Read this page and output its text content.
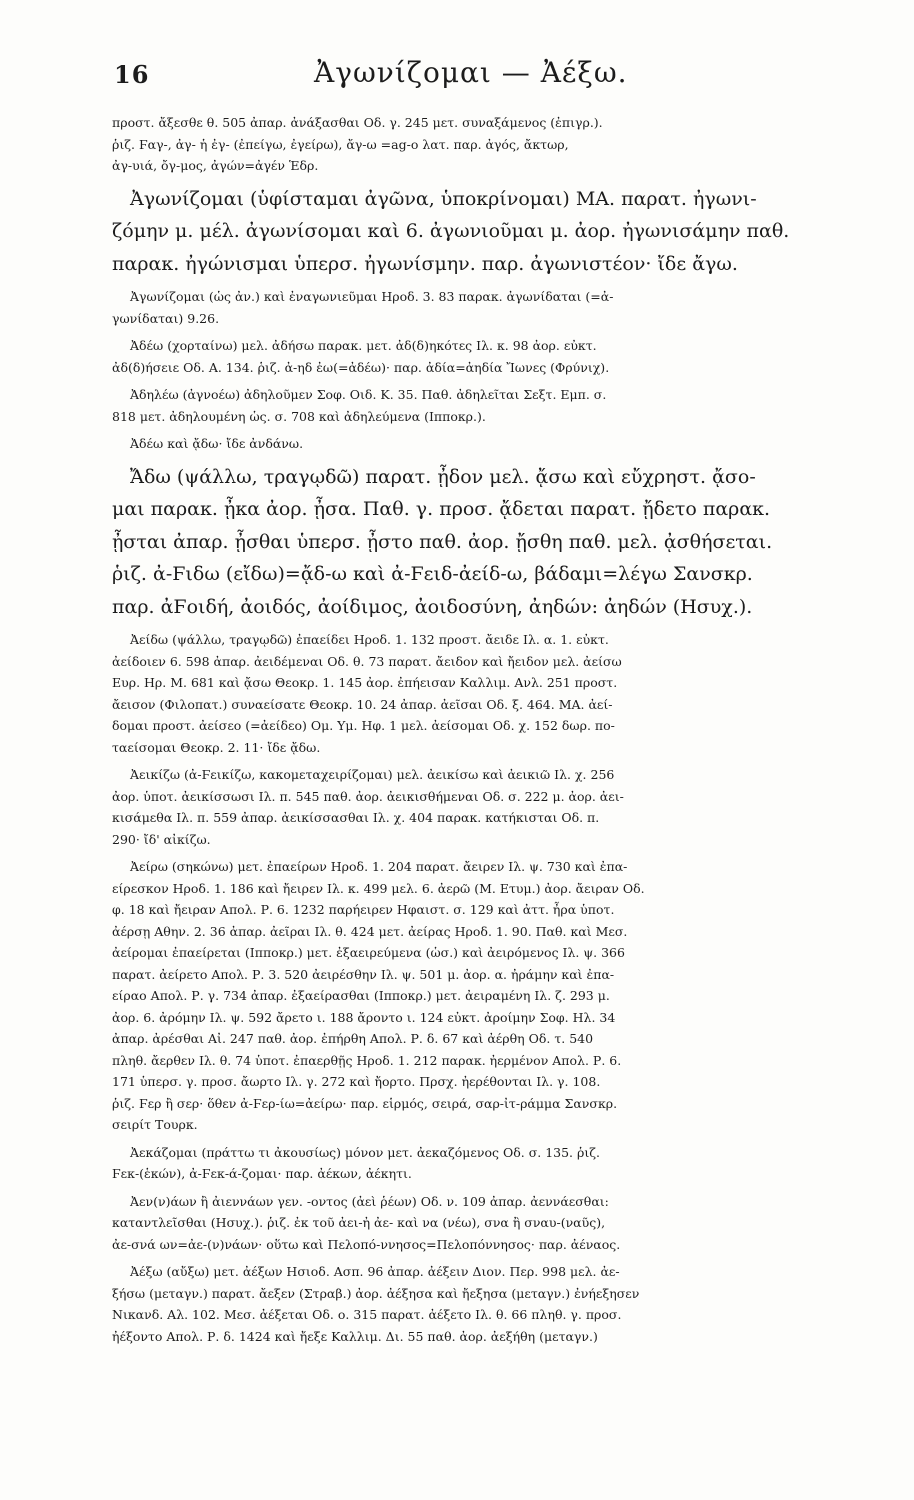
16	Ἀγωνίζομαι — Ἀέξω.
προστ. ἄξεσθε θ. 505 ἀπαρ. ἀνάξασθαι Οδ. γ. 245 μετ. συναξάμενος (ἐπιγρ.).
ῥιζ. Ϝαγ-, ἀγ- ἡ ἐγ- (ἐπείγω, ἐγείρω), ἄγ-ω =ag-o λατ. παρ. ἀγός, ἄκτωρ,
ἀγ-υιά, ὄγ-μος, ἀγών=ἀγέν Ἑδρ.
Ἀγωνίζομαι (ὑφίσταμαι ἀγῶνα, ὑποκρίνομαι) ΜΑ. παρατ. ἠγωνι-
ζόμην μ. μέλ. ἀγωνίσομαι καὶ 6. ἀγωνιοῦμαι μ. ἀορ. ἠγωνισάμην παθ.
παρακ. ἠγώνισμαι ὑπερσ. ἠγωνίσμην. παρ. ἀγωνιστέον· ἴδε ἄγω.
Ἀγωνίζομαι (ὡς ἀν.) καὶ ἐναγωνιεῦμαι Ηροδ. 3. 83 παρακ. ἀγωνίδαται (=ἀ-
γωνίδαται) 9.26.
Ἀδέω (χορταίνω) μελ. ἀδήσω παρακ. μετ. ἀδ(δ)ηκότες Ιλ. κ. 98 ἀορ. εὐκτ.
ἀδ(δ)ήσειε Οδ. Α. 134. ῥιζ. ἀ-ηδ ἐω(=ἀδέω)· παρ. ἀδία=ἀηδία Ἴωνες (Φρύνιχ).
Ἀδηλέω (ἀγνοέω) ἀδηλοῦμεν Σοφ. Οιδ. Κ. 35. Παθ. ἀδηλεῖται Σεξτ. Εμπ. σ.
818 μετ. ἀδηλουμένη ὡς. σ. 708 καὶ ἀδηλεύμενα (Ιπποκρ.).
Ἀδέω καὶ ᾄδω· ἴδε ἀνδάνω.
Ἄδω (ψάλλω, τραγῳδῶ) παρατ. ᾖδον μελ. ᾄσω καὶ εὔχρηστ. ᾄσο-
μαι παρακ. ᾖκα ἀορ. ᾖσα. Παθ. γ. προσ. ᾄδεται παρατ. ᾔδετο παρακ.
ᾖσται ἀπαρ. ᾖσθαι ὑπερσ. ᾖστο παθ. ἀορ. ᾔσθη παθ. μελ. ᾀσθήσεται.
ῥιζ. ἀ-Ϝιδω (εἴδω)=ᾄδ-ω καὶ ἀ-Ϝειδ-ἀείδ-ω, βάδαμι=λέγω Σανσκρ.
παρ. ἀϜοιδή, ἀοιδός, ἀοίδιμος, ἀοιδοσύνη, ἀηδών: ἀηδών (Ησυχ.).
Ἀείδω (ψάλλω, τραγῳδῶ) ἐπαείδει Ηροδ. 1. 132 προστ. ἄειδε Ιλ. α. 1. εὐκτ.
ἀείδοιεν 6. 598 ἀπαρ. ἀειδέμεναι Οδ. θ. 73 παρατ. ἄειδον καὶ ἤειδον μελ. ἀείσω
Ευρ. Ηρ. Μ. 681 καὶ ᾄσω Θεοκρ. 1. 145 ἀορ. ἐπήεισαν Καλλιμ. Ανλ. 251 προστ.
ἄεισον (Φιλοπατ.) συναείσατε Θεοκρ. 10. 24 ἀπαρ. ἀεῖσαι Οδ. ξ. 464. ΜΑ. ἀεί-
δομαι προστ. ἀείσεο (=ἀείδεο) Ομ. Υμ. Ηφ. 1 μελ. ἀείσομαι Οδ. χ. 152 δωρ. πο-
ταείσομαι Θεοκρ. 2. 11· ἴδε ᾄδω.
Ἀεικίζω (ἀ-Ϝεικίζω, κακομεταχειρίζομαι) μελ. ἀεικίσω καὶ ἀεικιῶ Ιλ. χ. 256
ἀορ. ὑποτ. ἀεικίσσωσι Ιλ. π. 545 παθ. ἀορ. ἀεικισθήμεναι Οδ. σ. 222 μ. ἀορ. ἀει-
κισάμεθα Ιλ. π. 559 ἀπαρ. ἀεικίσσασθαι Ιλ. χ. 404 παρακ. κατήκισται Οδ. π.
290· ἴδ' αἰκίζω.
Ἀείρω (σηκώνω) μετ. ἐπαείρων Ηροδ. 1. 204 παρατ. ἄειρεν Ιλ. ψ. 730 καὶ ἐπα-
είρεσκον Ηροδ. 1. 186 καὶ ἤειρεν Ιλ. κ. 499 μελ. 6. ἀερῶ (Μ. Ετυμ.) ἀορ. ἄειραν Οδ.
φ. 18 καὶ ἤειραν Απολ. Ρ. 6. 1232 παρήειρεν Ηφαιστ. σ. 129 καὶ ἀττ. ἦρα ὑποτ.
ἀέρσῃ Αθην. 2. 36 ἀπαρ. ἀεῖραι Ιλ. θ. 424 μετ. ἀείρας Ηροδ. 1. 90. Παθ. καὶ Μεσ.
ἀείρομαι ἐπαείρεται (Ιπποκρ.) μετ. ἐξαειρεύμενα (ὡσ.) καὶ ἀειρόμενος Ιλ. ψ. 366
παρατ. ἀείρετο Απολ. Ρ. 3. 520 ἀειρέσθην Ιλ. ψ. 501 μ. ἀορ. α. ἠράμην καὶ ἐπα-
είραο Απολ. Ρ. γ. 734 ἀπαρ. ἐξαείρασθαι (Ιπποκρ.) μετ. ἀειραμένη Ιλ. ζ. 293 μ.
ἀορ. 6. ἀρόμην Ιλ. ψ. 592 ἄρετο ι. 188 ἄροντο ι. 124 εὐκτ. ἀροίμην Σοφ. Ηλ. 34
ἀπαρ. ἀρέσθαι Αἰ. 247 παθ. ἀορ. ἐπήρθη Απολ. Ρ. δ. 67 καὶ ἀέρθη Οδ. τ. 540
πληθ. ἄερθεν Ιλ. θ. 74 ὑποτ. ἐπαερθῇς Ηροδ. 1. 212 παρακ. ἠερμένον Απολ. Ρ. 6.
171 ὑπερσ. γ. προσ. ἄωρτο Ιλ. γ. 272 καὶ ἤορτο. Πρσχ. ἠερέθονται Ιλ. γ. 108.
ῥιζ. Ϝερ ἢ σερ· ὅθεν ἀ-Ϝερ-ίω=ἀείρω· παρ. εἱρμός, σειρά, σαρ-ἰτ-ράμμα Σανσκρ.
σειρίτ Τουρκ.
Ἀεκάζομαι (πράττω τι ἀκουσίως) μόνον μετ. ἀεκαζόμενος Οδ. σ. 135. ῥιζ.
Ϝεκ-(ἑκών), ἀ-Ϝεκ-ά-ζομαι· παρ. ἀέκων, ἀέκητι.
Ἀεν(ν)άων ἢ ἀιεννάων γεν. -οντος (ἀεὶ ῥέων) Οδ. ν. 109 ἀπαρ. ἀεννάεσθαι:
καταντλεῖσθαι (Ησυχ.). ῥιζ. ἐκ τοῦ ἀει-ἠ ἀε- καὶ να (νέω), σνα ἢ σναυ-(ναῦς),
ἀε-σνά ων=ἀε-(ν)νάων· οὕτω καὶ Πελοπό-ννησος=Πελοπόννησος· παρ. ἀέναος.
Ἀέξω (αὔξω) μετ. ἀέξων Ησιοδ. Ασπ. 96 ἀπαρ. ἀέξειν Διον. Περ. 998 μελ. ἀε-
ξήσω (μεταγν.) παρατ. ἄεξεν (Στραβ.) ἀορ. ἀέξησα καὶ ἤεξησα (μεταγν.) ἐνήεξησεν
Νικανδ. Αλ. 102. Μεσ. ἀέξεται Οδ. ο. 315 παρατ. ἀέξετο Ιλ. θ. 66 πληθ. γ. προσ.
ἠέξοντο Απολ. Ρ. δ. 1424 καὶ ἤεξε Καλλιμ. Δι. 55 παθ. ἀορ. ἀεξήθη (μεταγν.)
